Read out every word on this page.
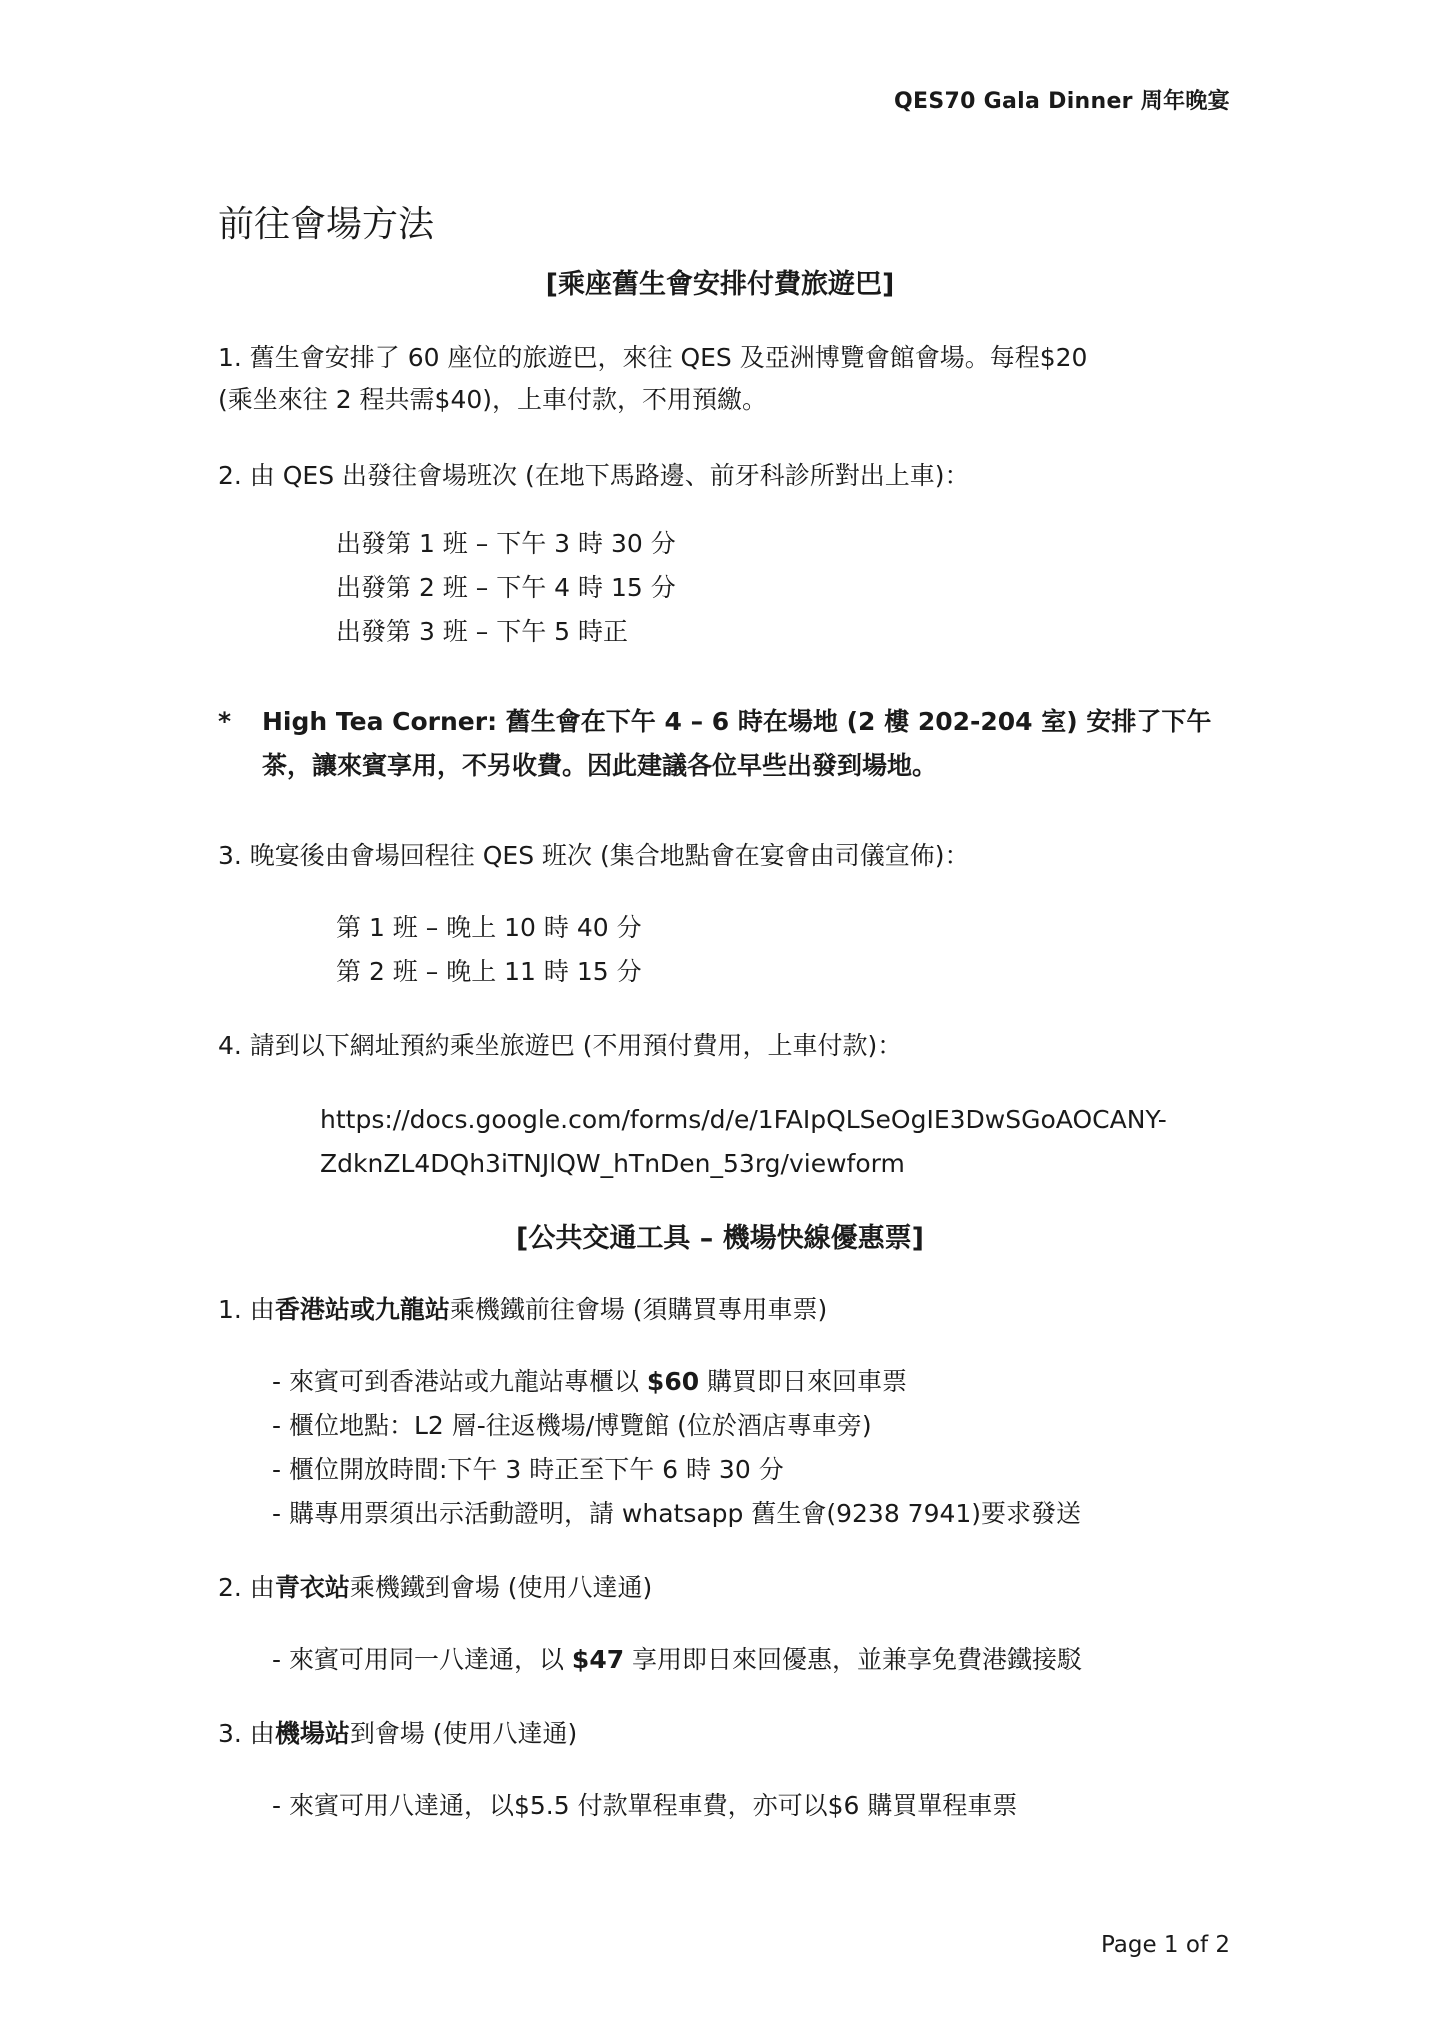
QES70 Gala Dinner 周年晚宴
前往會場方法
[乘座舊生會安排付費旅遊巴]
1. 舊生會安排了 60 座位的旅遊巴，來往 QES 及亞洲博覽會館會場。每程$20
(乘坐來往 2 程共需$40)，上車付款，不用預繳。
2. 由 QES 出發往會場班次 (在地下馬路邊、前牙科診所對出上車)：
出發第 1 班 – 下午 3 時 30 分
出發第 2 班 – 下午 4 時 15 分
出發第 3 班 – 下午 5 時正
* High Tea Corner: 舊生會在下午 4 – 6 時在場地 (2 樓 202-204 室) 安排了下午
茶，讓來賓享用，不另收費。因此建議各位早些出發到場地。
3. 晚宴後由會場回程往 QES 班次 (集合地點會在宴會由司儀宣佈)：
第 1 班 – 晚上 10 時 40 分
第 2 班 – 晚上 11 時 15 分
4. 請到以下網址預約乘坐旅遊巴 (不用預付費用，上車付款)：
https://docs.google.com/forms/d/e/1FAIpQLSeOgIE3DwSGoAOCANY-
ZdknZL4DQh3iTNJlQW_hTnDen_53rg/viewform
[公共交通工具 – 機場快線優惠票]
1. 由香港站或九龍站乘機鐵前往會場 (須購買專用車票)
- 來賓可到香港站或九龍站專櫃以 $60 購買即日來回車票
- 櫃位地點：L2 層-往返機場/博覽館 (位於酒店專車旁)
- 櫃位開放時間:下午 3 時正至下午 6 時 30 分
- 購專用票須出示活動證明，請 whatsapp 舊生會(9238 7941)要求發送
2. 由青衣站乘機鐵到會場 (使用八達通)
- 來賓可用同一八達通，以 $47 享用即日來回優惠，並兼享免費港鐵接駁
3. 由機場站到會場 (使用八達通)
- 來賓可用八達通，以$5.5 付款單程車費，亦可以$6 購買單程車票
Page 1 of 2
